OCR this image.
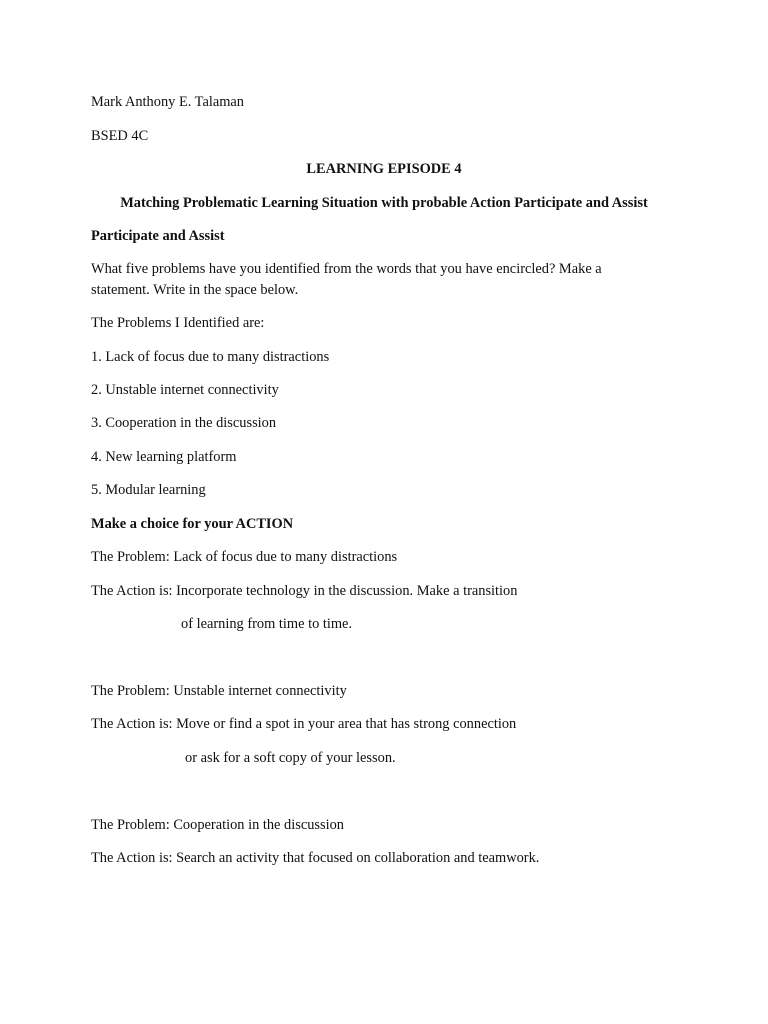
Mark Anthony E. Talaman
BSED 4C
LEARNING EPISODE 4
Matching Problematic Learning Situation with probable Action Participate and Assist
Participate and Assist
What five problems have you identified from the words that you have encircled? Make a
statement. Write in the space below.
The Problems I Identified are:
1. Lack of focus due to many distractions
2. Unstable internet connectivity
3. Cooperation in the discussion
4. New learning platform
5. Modular learning
Make a choice for your ACTION
The Problem: Lack of focus due to many distractions
The Action is: Incorporate technology in the discussion. Make a transition
of learning from time to time.
The Problem: Unstable internet connectivity
The Action is: Move or find a spot in your area that has strong connection
or ask for a soft copy of your lesson.
The Problem: Cooperation in the discussion
The Action is: Search an activity that focused on collaboration and teamwork.
